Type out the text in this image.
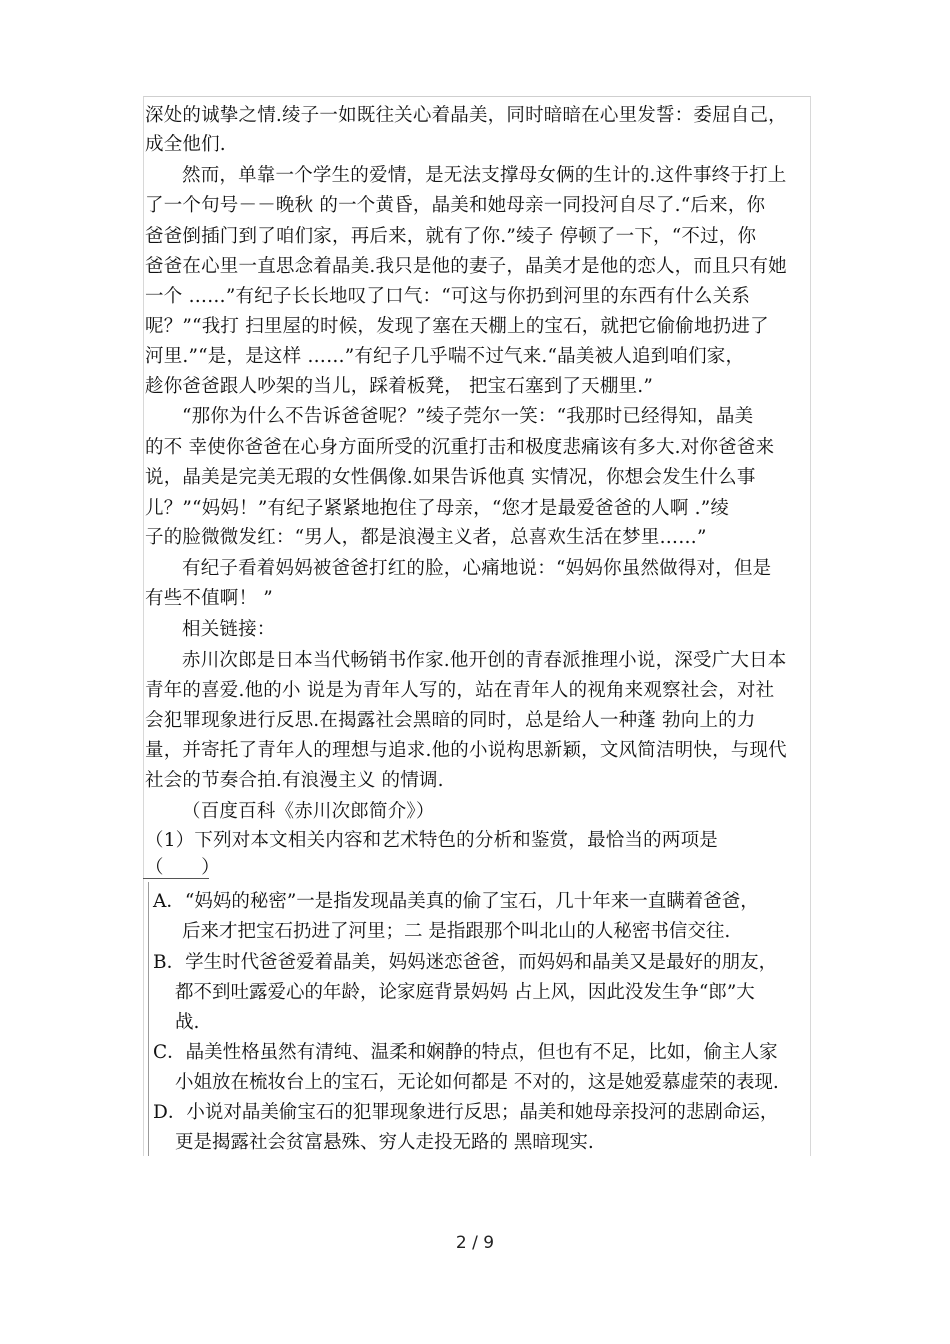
深处的诚挚之情.绫子一如既往关心着晶美，同时暗暗在心里发誓：委屈自己，
成全他们.
然而，单靠一个学生的爱情，是无法支撑母女俩的生计的.这件事终于打上
了一个句号－－晚秋 的一个黄昏，晶美和她母亲一同投河自尽了.“后来，你
爸爸倒插门到了咱们家，再后来，就有了你.”绫子 停顿了一下，“不过，你
爸爸在心里一直思念着晶美.我只是他的妻子，晶美才是他的恋人，而且只有她
一个 ……”有纪子长长地叹了口气：“可这与你扔到河里的东西有什么关系
呢？”“我打 扫里屋的时候，发现了塞在天棚上的宝石，就把它偷偷地扔进了
河里.”“是，是这样 ……”有纪子几乎喘不过气来.“晶美被人追到咱们家，
趁你爸爸跟人吵架的当儿，踩着板凳， 把宝石塞到了天棚里.”
“那你为什么不告诉爸爸呢？”绫子莞尔一笑：“我那时已经得知，晶美
的不 幸使你爸爸在心身方面所受的沉重打击和极度悲痛该有多大.对你爸爸来
说，晶美是完美无瑕的女性偶像.如果告诉他真 实情况，你想会发生什么事
儿？”“妈妈！”有纪子紧紧地抱住了母亲，“您才是最爱爸爸的人啊 .”绫
子的脸微微发红：“男人，都是浪漫主义者，总喜欢生活在梦里……”
有纪子看着妈妈被爸爸打红的脸，心痛地说：“妈妈你虽然做得对，但是
有些不值啊！ ”
相关链接：
赤川次郎是日本当代畅销书作家.他开创的青春派推理小说，深受广大日本
青年的喜爱.他的小 说是为青年人写的，站在青年人的视角来观察社会，对社
会犯罪现象进行反思.在揭露社会黑暗的同时，总是给人一种蓬 勃向上的力
量，并寄托了青年人的理想与追求.他的小说构思新颖，文风简洁明快，与现代
社会的节奏合拍.有浪漫主义 的情调.
（百度百科《赤川次郎简介》）
（1）下列对本文相关内容和艺术特色的分析和鉴赏，最恰当的两项是
（　　）
A．“妈妈的秘密”一是指发现晶美真的偷了宝石，几十年来一直瞒着爸爸，
后来才把宝石扔进了河里；二 是指跟那个叫北山的人秘密书信交往.
B．学生时代爸爸爱着晶美，妈妈迷恋爸爸，而妈妈和晶美又是最好的朋友，
都不到吐露爱心的年龄，论家庭背景妈妈 占上风，因此没发生争“郎”大
战.
C．晶美性格虽然有清纯、温柔和娴静的特点，但也有不足，比如，偷主人家
小姐放在梳妆台上的宝石，无论如何都是 不对的，这是她爱慕虚荣的表现.
D．小说对晶美偷宝石的犯罪现象进行反思；晶美和她母亲投河的悲剧命运，
更是揭露社会贫富悬殊、穷人走投无路的 黑暗现实.
2 / 9
